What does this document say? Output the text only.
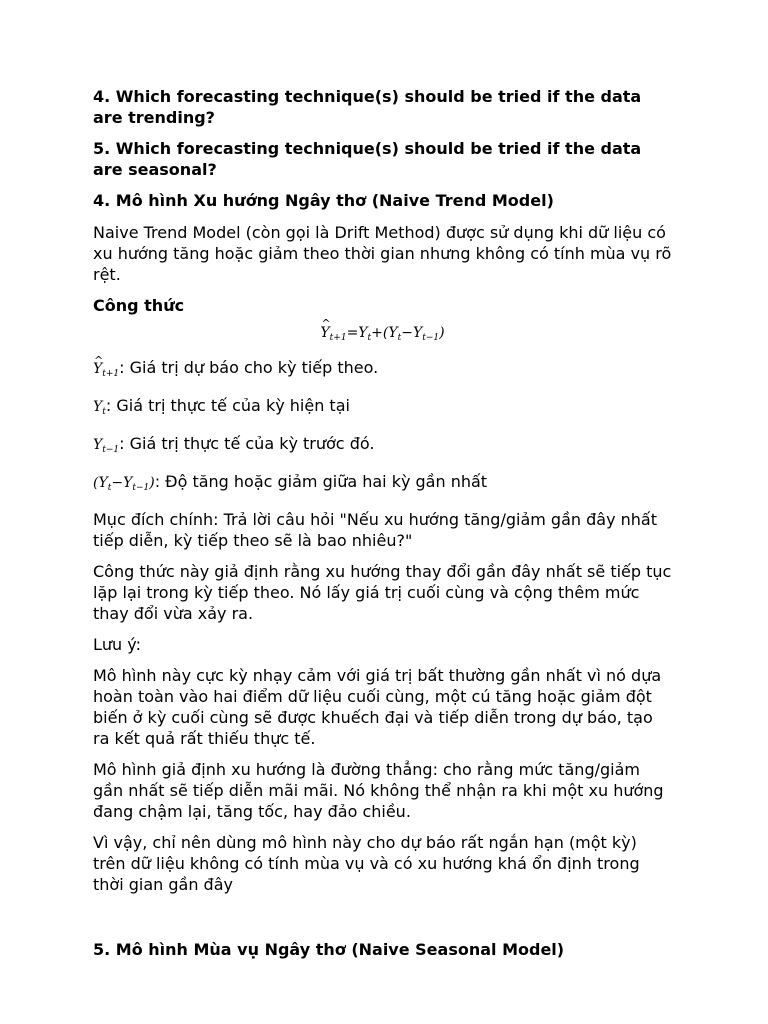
4. Which forecasting technique(s) should be tried if the data are trending?

5. Which forecasting technique(s) should be tried if the data are seasonal?

4. Mô hình Xu hướng Ngây thơ (Naive Trend Model)

Naive Trend Model (còn gọi là Drift Method) được sử dụng khi dữ liệu có xu hướng tăng hoặc giảm theo thời gian nhưng không có tính mùa vụ rõ rệt.

Công thức

^ $Y_{t+1}=Y_t+(Y_t-Y_{t-1})$

^ $Y_{t+1}$: Giá trị dự báo cho kỳ tiếp theo.

$Y_t$: Giá trị thực tế của kỳ hiện tại

$Y_{t-1}$: Giá trị thực tế của kỳ trước đó.

$(Y_t-Y_{t-1})$: Độ tăng hoặc giảm giữa hai kỳ gần nhất

Mục đích chính: Trả lời câu hỏi "Nếu xu hướng tăng/giảm gần đây nhất tiếp diễn, kỳ tiếp theo sẽ là bao nhiêu?"

Công thức này giả định rằng xu hướng thay đổi gần đây nhất sẽ tiếp tục lặp lại trong kỳ tiếp theo. Nó lấy giá trị cuối cùng và cộng thêm mức thay đổi vừa xảy ra.

Lưu ý:

Mô hình này cực kỳ nhạy cảm với giá trị bất thường gần nhất vì nó dựa hoàn toàn vào hai điểm dữ liệu cuối cùng, một cú tăng hoặc giảm đột biến ở kỳ cuối cùng sẽ được khuếch đại và tiếp diễn trong dự báo, tạo ra kết quả rất thiếu thực tế.

Mô hình giả định xu hướng là đường thẳng: cho rằng mức tăng/giảm gần nhất sẽ tiếp diễn mãi mãi. Nó không thể nhận ra khi một xu hướng đang chậm lại, tăng tốc, hay đảo chiều.

Vì vậy, chỉ nên dùng mô hình này cho dự báo rất ngắn hạn (một kỳ) trên dữ liệu không có tính mùa vụ và có xu hướng khá ổn định trong thời gian gần đây

5. Mô hình Mùa vụ Ngây thơ (Naive Seasonal Model)
